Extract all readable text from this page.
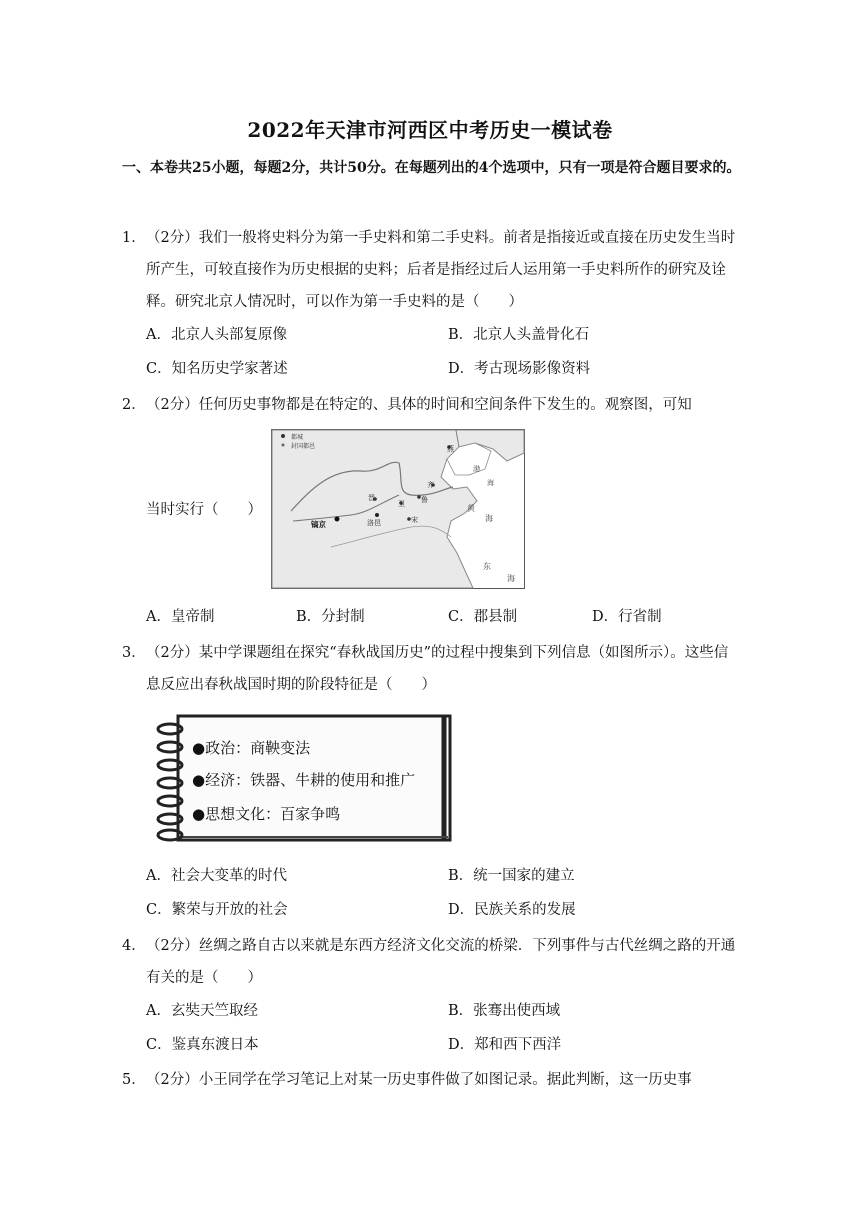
2022年天津市河西区中考历史一模试卷
一、本卷共25小题，每题2分，共计50分。在每题列出的4个选项中，只有一项是符合题目要求的。
1． （2分）我们一般将史料分为第一手史料和第二手史料。前者是指接近或直接在历史发生当时所产生，可较直接作为历史根据的史料；后者是指经过后人运用第一手史料所作的研究及诠释。研究北京人情况时，可以作为第一手史料的是（　　）
A．北京人头部复原像	B．北京人头盖骨化石
C．知名历史学家著述	D．考古现场影像资料
2． （2分）任何历史事物都是在特定的、具体的时间和空间条件下发生的。观察图，可知
当时实行（　　）
都城
封国都邑	燕
晋
卫 鲁
齐
镐京	洛邑	宋
渤
海
黄
海
东
海
A．皇帝制	B．分封制	C．郡县制	D．行省制
3． （2分）某中学课题组在探究“春秋战国历史”的过程中搜集到下列信息（如图所示）。这些信息反应出春秋战国时期的阶段特征是（　　）
●政治：商鞅变法
●经济：铁器、牛耕的使用和推广
●思想文化：百家争鸣
A．社会大变革的时代	B．统一国家的建立
C．繁荣与开放的社会	D．民族关系的发展
4． （2分）丝绸之路自古以来就是东西方经济文化交流的桥梁．下列事件与古代丝绸之路的开通有关的是（　　）
A．玄奘天竺取经	B．张骞出使西域
C．鉴真东渡日本	D．郑和西下西洋
5． （2分）小王同学在学习笔记上对某一历史事件做了如图记录。据此判断，这一历史事
